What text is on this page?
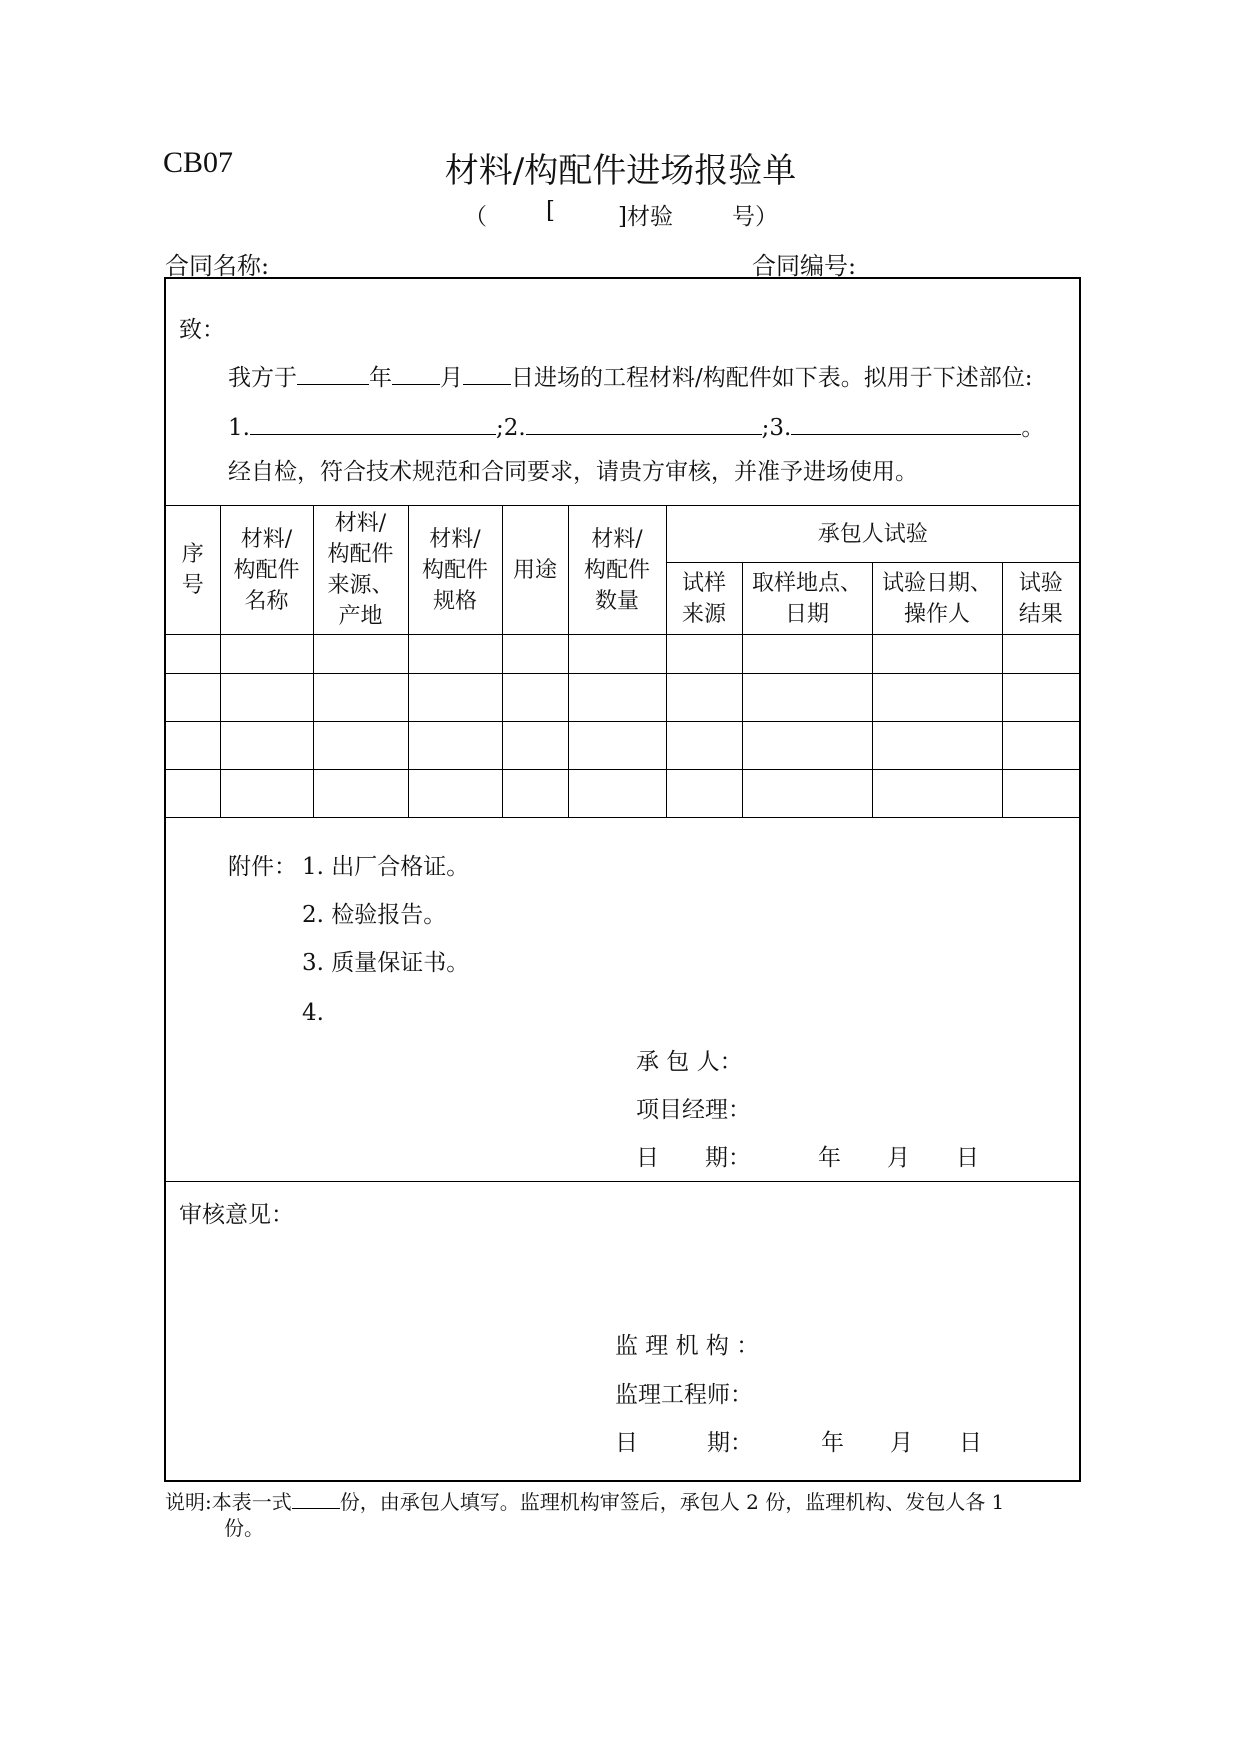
CB07	材料/构配件进场报验单
（	[	]材验	号）
合同名称:	合同编号:
致：
我方于	年 月 日进场的工程材料/构配件如下表。拟用于下述部位:
1.	;2.	;3.	。
经自检，符合技术规范和合同要求，请贵方审核，并准予进场使用。
序号	材料/构配件名称	材料/构配件来源、产地	材料/构配件规格	用途	材料/构配件数量	承包人试验			

						试样来源	取样地点、日期	试验日期、操作人	试验结果

附件： 1. 出厂合格证。
2. 检验报告。
3. 质量保证书。
4.
承 包 人：
项目经理：
日　　期：	年　　月　　日
审核意见：
监 理 机 构 ：
监理工程师：
日　　　期：	年　　月　　日
说明:本表一式 份，由承包人填写。监理机构审签后，承包人 2 份，监理机构、发包人各 1
份。
